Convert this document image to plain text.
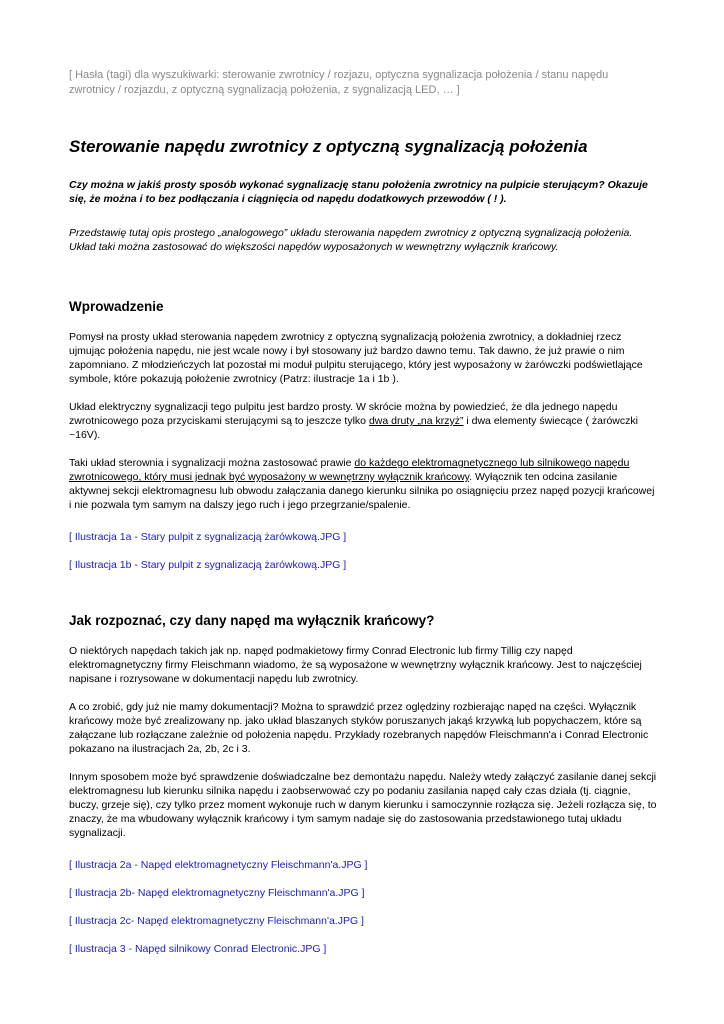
[ Hasła (tagi) dla wyszukiwarki: sterowanie zwrotnicy / rozjazu, optyczna sygnalizacja położenia / stanu napędu zwrotnicy / rozjazdu, z optyczną sygnalizacją położenia, z sygnalizacją LED, … ]

Sterowanie napędu zwrotnicy z optyczną sygnalizacją położenia

Czy można w jakiś prosty sposób wykonać sygnalizację stanu położenia zwrotnicy na pulpicie sterującym? Okazuje się, że można i to bez podłączania i ciągnięcia od napędu dodatkowych przewodów ( ! ).

Przedstawię tutaj opis prostego „analogowego” układu sterowania napędem zwrotnicy z optyczną sygnalizacją położenia. Układ taki można zastosować do większości napędów wyposażonych w wewnętrzny wyłącznik krańcowy.

Wprowadzenie

Pomysł na prosty układ sterowania napędem zwrotnicy z optyczną sygnalizacją położenia zwrotnicy, a dokładniej rzecz ujmując położenia napędu, nie jest wcale nowy i był stosowany już bardzo dawno temu. Tak dawno, że już prawie o nim zapomniano. Z młodzieńczych lat pozostał mi moduł pulpitu sterującego, który jest wyposażony w żarówczki podświetlające symbole, które pokazują położenie zwrotnicy (Patrz: ilustracje 1a i 1b ).

Układ elektryczny sygnalizacji tego pulpitu jest bardzo prosty. W skrócie można by powiedzieć, że dla jednego napędu zwrotnicowego poza przyciskami sterującymi są to jeszcze tylko dwa druty „na krzyż” i dwa elementy świecące ( żarówczki ~16V).

Taki układ sterownia i sygnalizacji można zastosować prawie do każdego elektromagnetycznego lub silnikowego napędu zwrotnicowego, który musi jednak być wyposażony w wewnętrzny wyłącznik krańcowy. Wyłącznik ten odcina zasilanie aktywnej sekcji elektromagnesu lub obwodu załączania danego kierunku silnika po osiągnięciu przez napęd pozycji krańcowej i nie pozwala tym samym na dalszy jego ruch i jego przegrzanie/spalenie.

[ Ilustracja 1a - Stary pulpit z sygnalizacją żarówkową.JPG ]

[ Ilustracja 1b - Stary pulpit z sygnalizacją żarówkową.JPG ]

Jak rozpoznać, czy dany napęd ma wyłącznik krańcowy?

O niektórych napędach takich jak np. napęd podmakietowy firmy Conrad Electronic lub firmy Tillig czy napęd elektromagnetyczny firmy Fleischmann wiadomo, że są wyposażone w wewnętrzny wyłącznik krańcowy. Jest to najczęściej napisane i rozrysowane w dokumentacji napędu lub zwrotnicy.

A co zrobić, gdy już nie mamy dokumentacji? Można to sprawdzić przez oględziny rozbierając napęd na części. Wyłącznik krańcowy może być zrealizowany np. jako układ blaszanych styków poruszanych jakąś krzywką lub popychaczem, które są załączane lub rozłączane zależnie od położenia napędu. Przykłady rozebranych napędów Fleischmann'a i Conrad Electronic pokazano na ilustracjach 2a, 2b, 2c i 3.

Innym sposobem może być sprawdzenie doświadczalne bez demontażu napędu. Należy wtedy załączyć zasilanie danej sekcji elektromagnesu lub kierunku silnika napędu i zaobserwować czy po podaniu zasilania napęd cały czas działa (tj. ciągnie, buczy, grzeje się), czy tylko przez moment wykonuje ruch w danym kierunku i samoczynnie rozłącza się. Jeżeli rozłącza się, to znaczy, że ma wbudowany wyłącznik krańcowy i tym samym nadaje się do zastosowania przedstawionego tutaj układu sygnalizacji.

[ Ilustracja 2a - Napęd elektromagnetyczny Fleischmann'a.JPG ]

[ Ilustracja 2b- Napęd elektromagnetyczny Fleischmann'a.JPG ]

[ Ilustracja 2c- Napęd elektromagnetyczny Fleischmann'a.JPG ]

[ Ilustracja 3 - Napęd silnikowy Conrad Electronic.JPG ]
